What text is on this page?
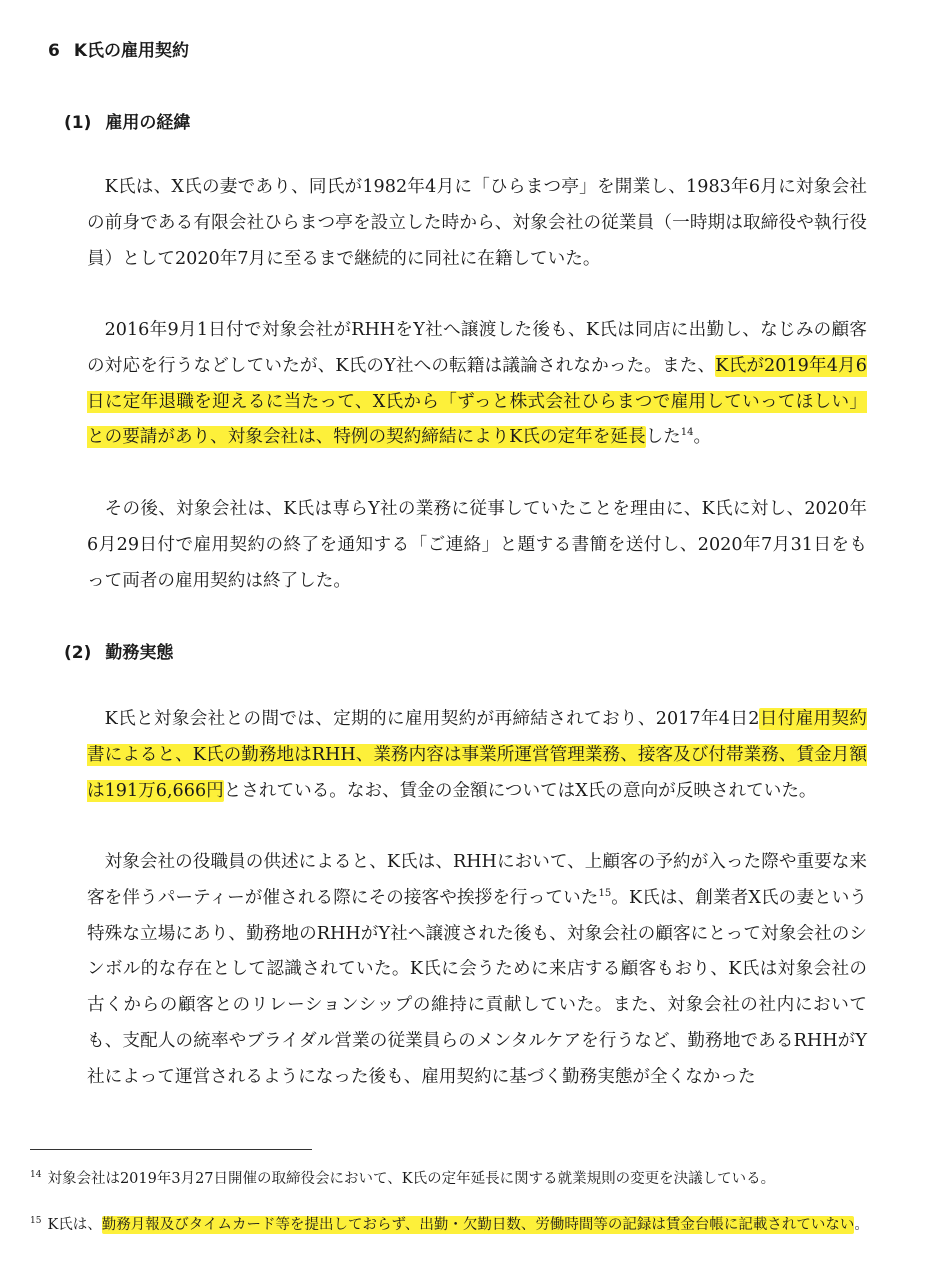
6 K氏の雇用契約
(1) 雇用の経緯

K氏は、X氏の妻であり、同氏が1982年4月に「ひらまつ亭」を開業し、1983年6月に対象会社の前身である有限会社ひらまつ亭を設立した時から、対象会社の従業員（一時期は取締役や執行役員）として2020年7月に至るまで継続的に同社に在籍していた。

2016年9月1日付で対象会社がRHHをY社へ譲渡した後も、K氏は同店に出勤し、なじみの顧客の対応を行うなどしていたが、K氏のY社への転籍は議論されなかった。また、K氏が2019年4月6日に定年退職を迎えるに当たって、X氏から「ずっと株式会社ひらまつで雇用していってほしい」との要請があり、対象会社は、特例の契約締結によりK氏の定年を延長した$^{14}$。

その後、対象会社は、K氏は専らY社の業務に従事していたことを理由に、K氏に対し、2020年6月29日付で雇用契約の終了を通知する「ご連絡」と題する書簡を送付し、2020年7月31日をもって両者の雇用契約は終了した。

(2) 勤務実態

K氏と対象会社との間では、定期的に雇用契約が再締結されており、2017年4日2日付雇用契約書によると、K氏の勤務地はRHH、業務内容は事業所運営管理業務、接客及び付帯業務、賃金月額は191万6,666円とされている。なお、賃金の金額についてはX氏の意向が反映されていた。

対象会社の役職員の供述によると、K氏は、RHHにおいて、上顧客の予約が入った際や重要な来客を伴うパーティーが催される際にその接客や挨拶を行っていた$^{15}$。K氏は、創業者X氏の妻という特殊な立場にあり、勤務地のRHHがY社へ譲渡された後も、対象会社の顧客にとって対象会社のシンボル的な存在として認識されていた。K氏に会うために来店する顧客もおり、K氏は対象会社の古くからの顧客とのリレーションシップの維持に貢献していた。また、対象会社の社内においても、支配人の統率やブライダル営業の従業員らのメンタルケアを行うなど、勤務地であるRHHがY社によって運営されるようになった後も、雇用契約に基づく勤務実態が全くなかった

$^{14}$ 対象会社は2019年3月27日開催の取締役会において、K氏の定年延長に関する就業規則の変更を決議している。

$^{15}$ K氏は、勤務月報及びタイムカード等を提出しておらず、出勤・欠勤日数、労働時間等の記録は賃金台帳に記載されていない。
